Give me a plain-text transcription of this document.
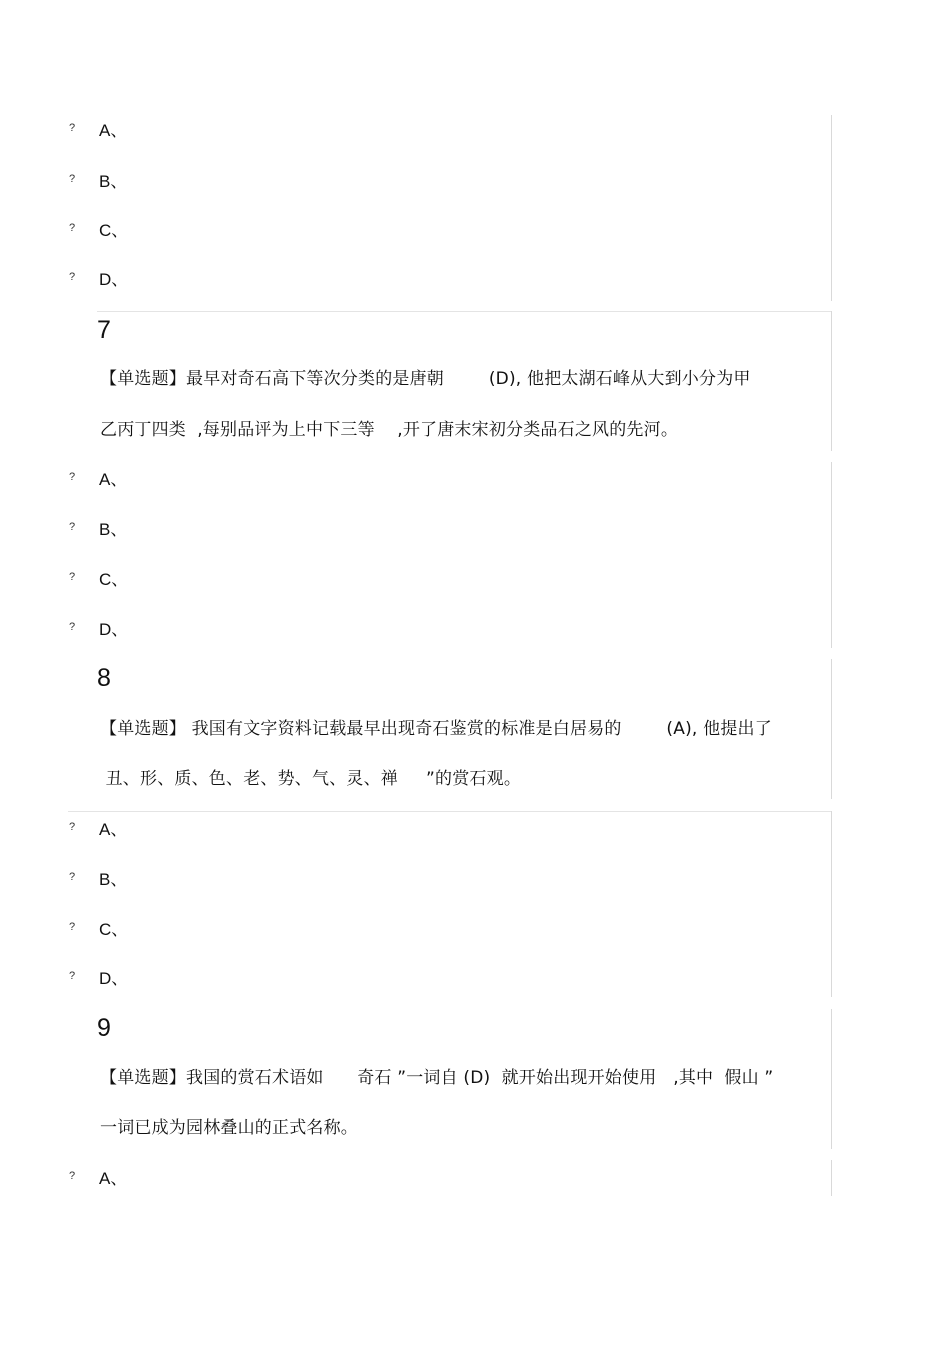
?	A、
?	B、
?	C、
?	D、
7
【单选题】最早对奇石高下等次分类的是唐朝        (D), 他把太湖石峰从大到小分为甲
乙丙丁四类  ,每别品评为上中下三等    ,开了唐末宋初分类品石之风的先河。
?	A、
?	B、
?	C、
?	D、
8
【单选题】 我国有文字资料记载最早出现奇石鉴赏的标准是白居易的        (A), 他提出了
丑、形、质、色、老、势、气、灵、禅     ”的赏石观。
?	A、
?	B、
?	C、
?	D、
9
【单选题】我国的赏石术语如      奇石 ”一词自 (D)  就开始出现开始使用   ,其中  假山 ”
一词已成为园林叠山的正式名称。
?	A、
